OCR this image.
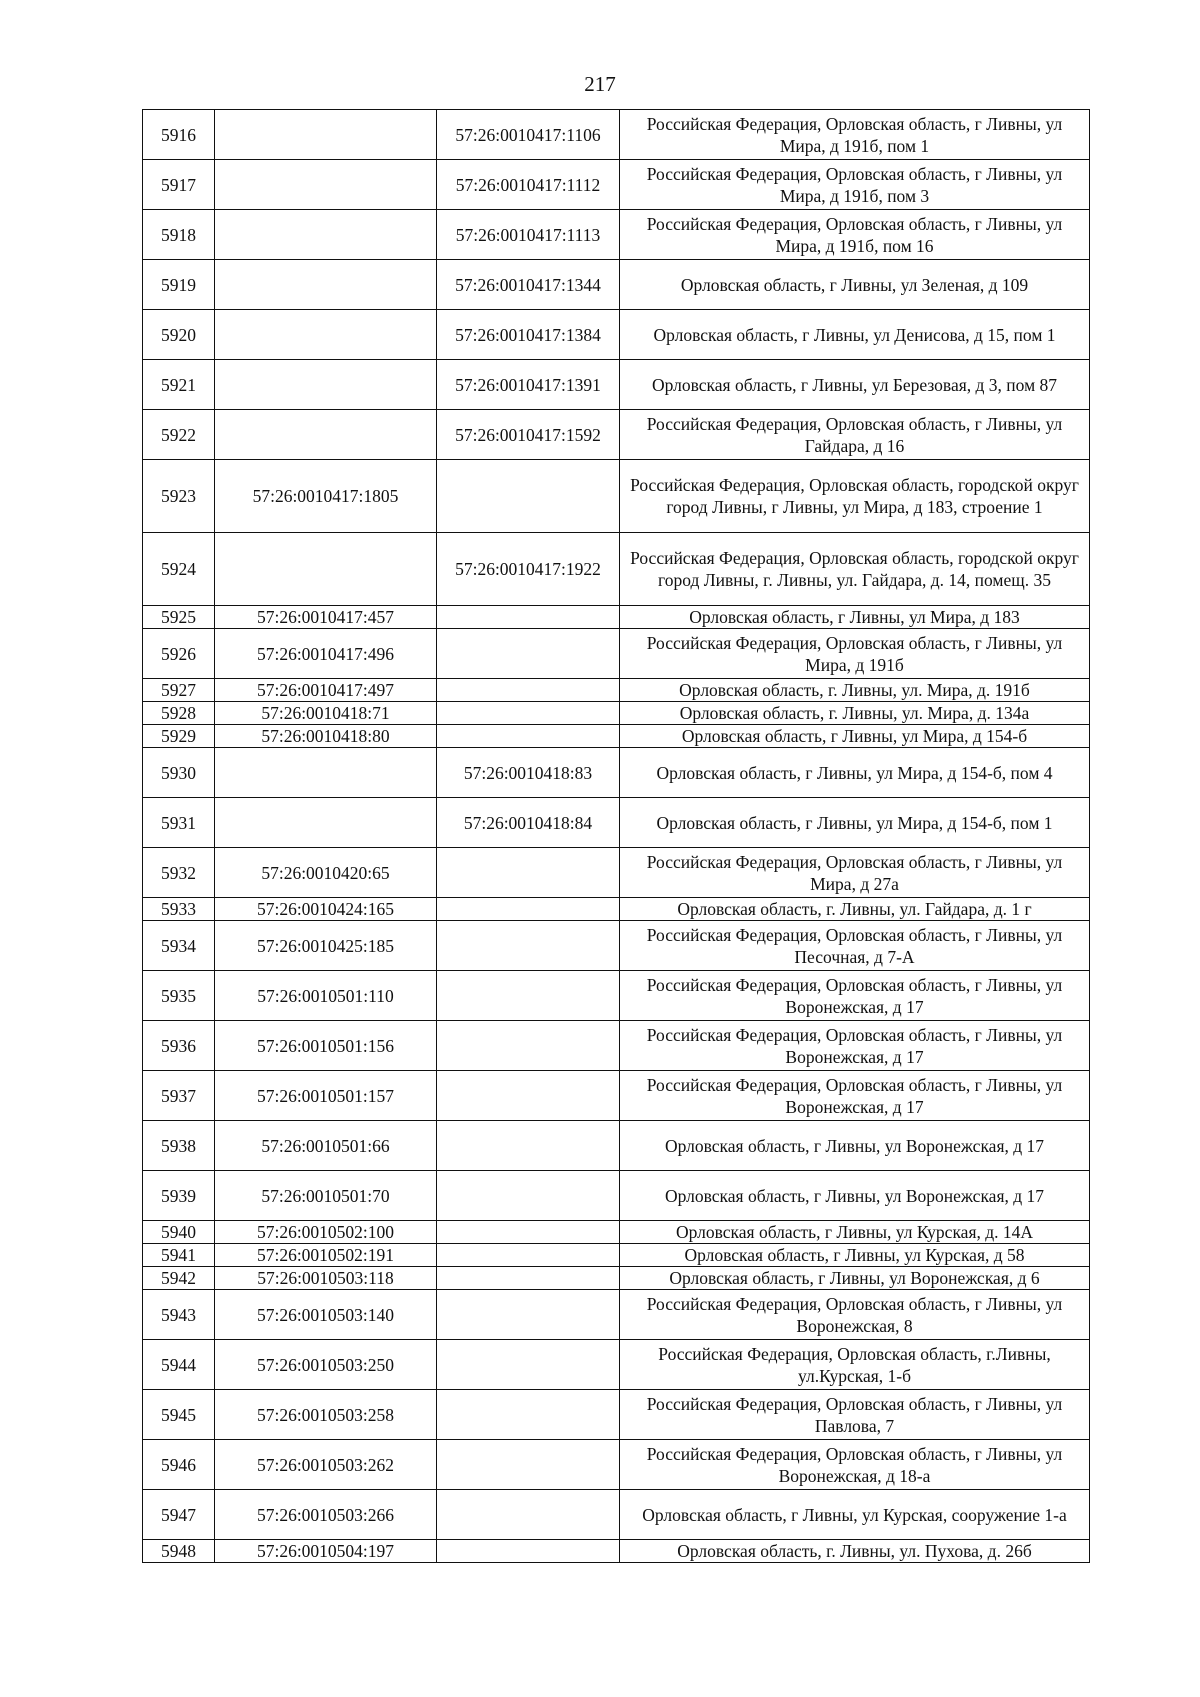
217
5916		57:26:0010417:1106	Российская Федерация, Орловская область, г Ливны, ул Мира, д 191б, пом 1
5917		57:26:0010417:1112	Российская Федерация, Орловская область, г Ливны, ул Мира, д 191б, пом 3
5918		57:26:0010417:1113	Российская Федерация, Орловская область, г Ливны, ул Мира, д 191б, пом 16
5919		57:26:0010417:1344	Орловская область, г Ливны, ул Зеленая, д 109
5920		57:26:0010417:1384	Орловская область, г Ливны, ул Денисова, д 15, пом 1
5921		57:26:0010417:1391	Орловская область, г Ливны, ул Березовая, д 3, пом 87
5922		57:26:0010417:1592	Российская Федерация, Орловская область, г Ливны, ул Гайдара, д 16
5923	57:26:0010417:1805		Российская Федерация, Орловская область, городской округ город Ливны, г Ливны, ул Мира, д 183, строение 1
5924		57:26:0010417:1922	Российская Федерация, Орловская область, городской округ город Ливны, г. Ливны, ул. Гайдара, д. 14, помещ. 35
5925	57:26:0010417:457		Орловская область, г Ливны, ул Мира, д 183
5926	57:26:0010417:496		Российская Федерация, Орловская область, г Ливны, ул Мира, д 191б
5927	57:26:0010417:497		Орловская область, г. Ливны, ул. Мира, д. 191б
5928	57:26:0010418:71		Орловская область, г. Ливны, ул. Мира, д. 134а
5929	57:26:0010418:80		Орловская область, г Ливны, ул Мира, д 154-б
5930		57:26:0010418:83	Орловская область, г Ливны, ул Мира, д 154-б, пом 4
5931		57:26:0010418:84	Орловская область, г Ливны, ул Мира, д 154-б, пом 1
5932	57:26:0010420:65		Российская Федерация, Орловская область, г Ливны, ул Мира, д 27а
5933	57:26:0010424:165		Орловская область, г. Ливны, ул. Гайдара, д. 1 г
5934	57:26:0010425:185		Российская Федерация, Орловская область, г Ливны, ул Песочная, д 7-А
5935	57:26:0010501:110		Российская Федерация, Орловская область, г Ливны, ул Воронежская, д 17
5936	57:26:0010501:156		Российская Федерация, Орловская область, г Ливны, ул Воронежская, д 17
5937	57:26:0010501:157		Российская Федерация, Орловская область, г Ливны, ул Воронежская, д 17
5938	57:26:0010501:66		Орловская область, г Ливны, ул Воронежская, д 17
5939	57:26:0010501:70		Орловская область, г Ливны, ул Воронежская, д 17
5940	57:26:0010502:100		Орловская область, г Ливны, ул Курская, д. 14А
5941	57:26:0010502:191		Орловская область, г Ливны, ул Курская, д 58
5942	57:26:0010503:118		Орловская область, г Ливны, ул Воронежская, д 6
5943	57:26:0010503:140		Российская Федерация, Орловская область, г Ливны, ул Воронежская, 8
5944	57:26:0010503:250		Российская Федерация, Орловская область, г.Ливны, ул.Курская, 1-б
5945	57:26:0010503:258		Российская Федерация, Орловская область, г Ливны, ул Павлова, 7
5946	57:26:0010503:262		Российская Федерация, Орловская область, г Ливны, ул Воронежская, д 18-а
5947	57:26:0010503:266		Орловская область, г Ливны, ул Курская, сооружение 1-а
5948	57:26:0010504:197		Орловская область, г. Ливны, ул. Пухова, д. 26б
